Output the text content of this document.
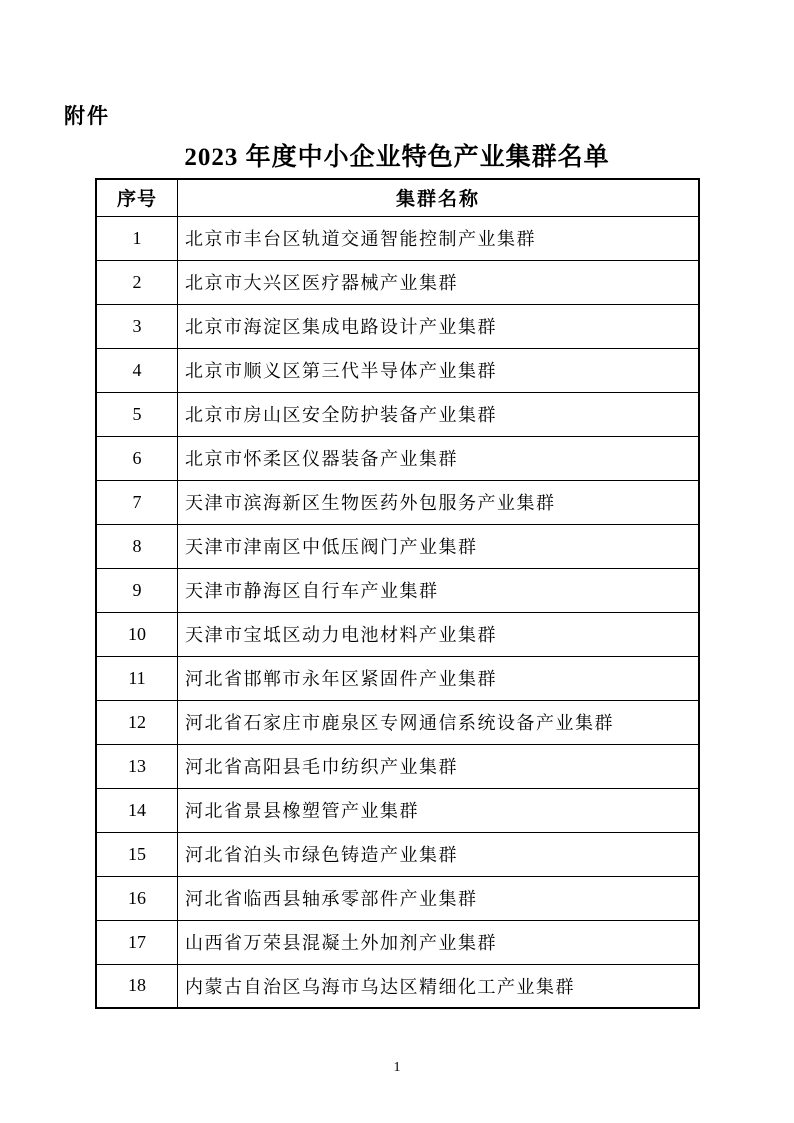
附件
2023 年度中小企业特色产业集群名单
序号	集群名称
1	北京市丰台区轨道交通智能控制产业集群
2	北京市大兴区医疗器械产业集群
3	北京市海淀区集成电路设计产业集群
4	北京市顺义区第三代半导体产业集群
5	北京市房山区安全防护装备产业集群
6	北京市怀柔区仪器装备产业集群
7	天津市滨海新区生物医药外包服务产业集群
8	天津市津南区中低压阀门产业集群
9	天津市静海区自行车产业集群
10	天津市宝坻区动力电池材料产业集群
11	河北省邯郸市永年区紧固件产业集群
12	河北省石家庄市鹿泉区专网通信系统设备产业集群
13	河北省高阳县毛巾纺织产业集群
14	河北省景县橡塑管产业集群
15	河北省泊头市绿色铸造产业集群
16	河北省临西县轴承零部件产业集群
17	山西省万荣县混凝土外加剂产业集群
18	内蒙古自治区乌海市乌达区精细化工产业集群
1
